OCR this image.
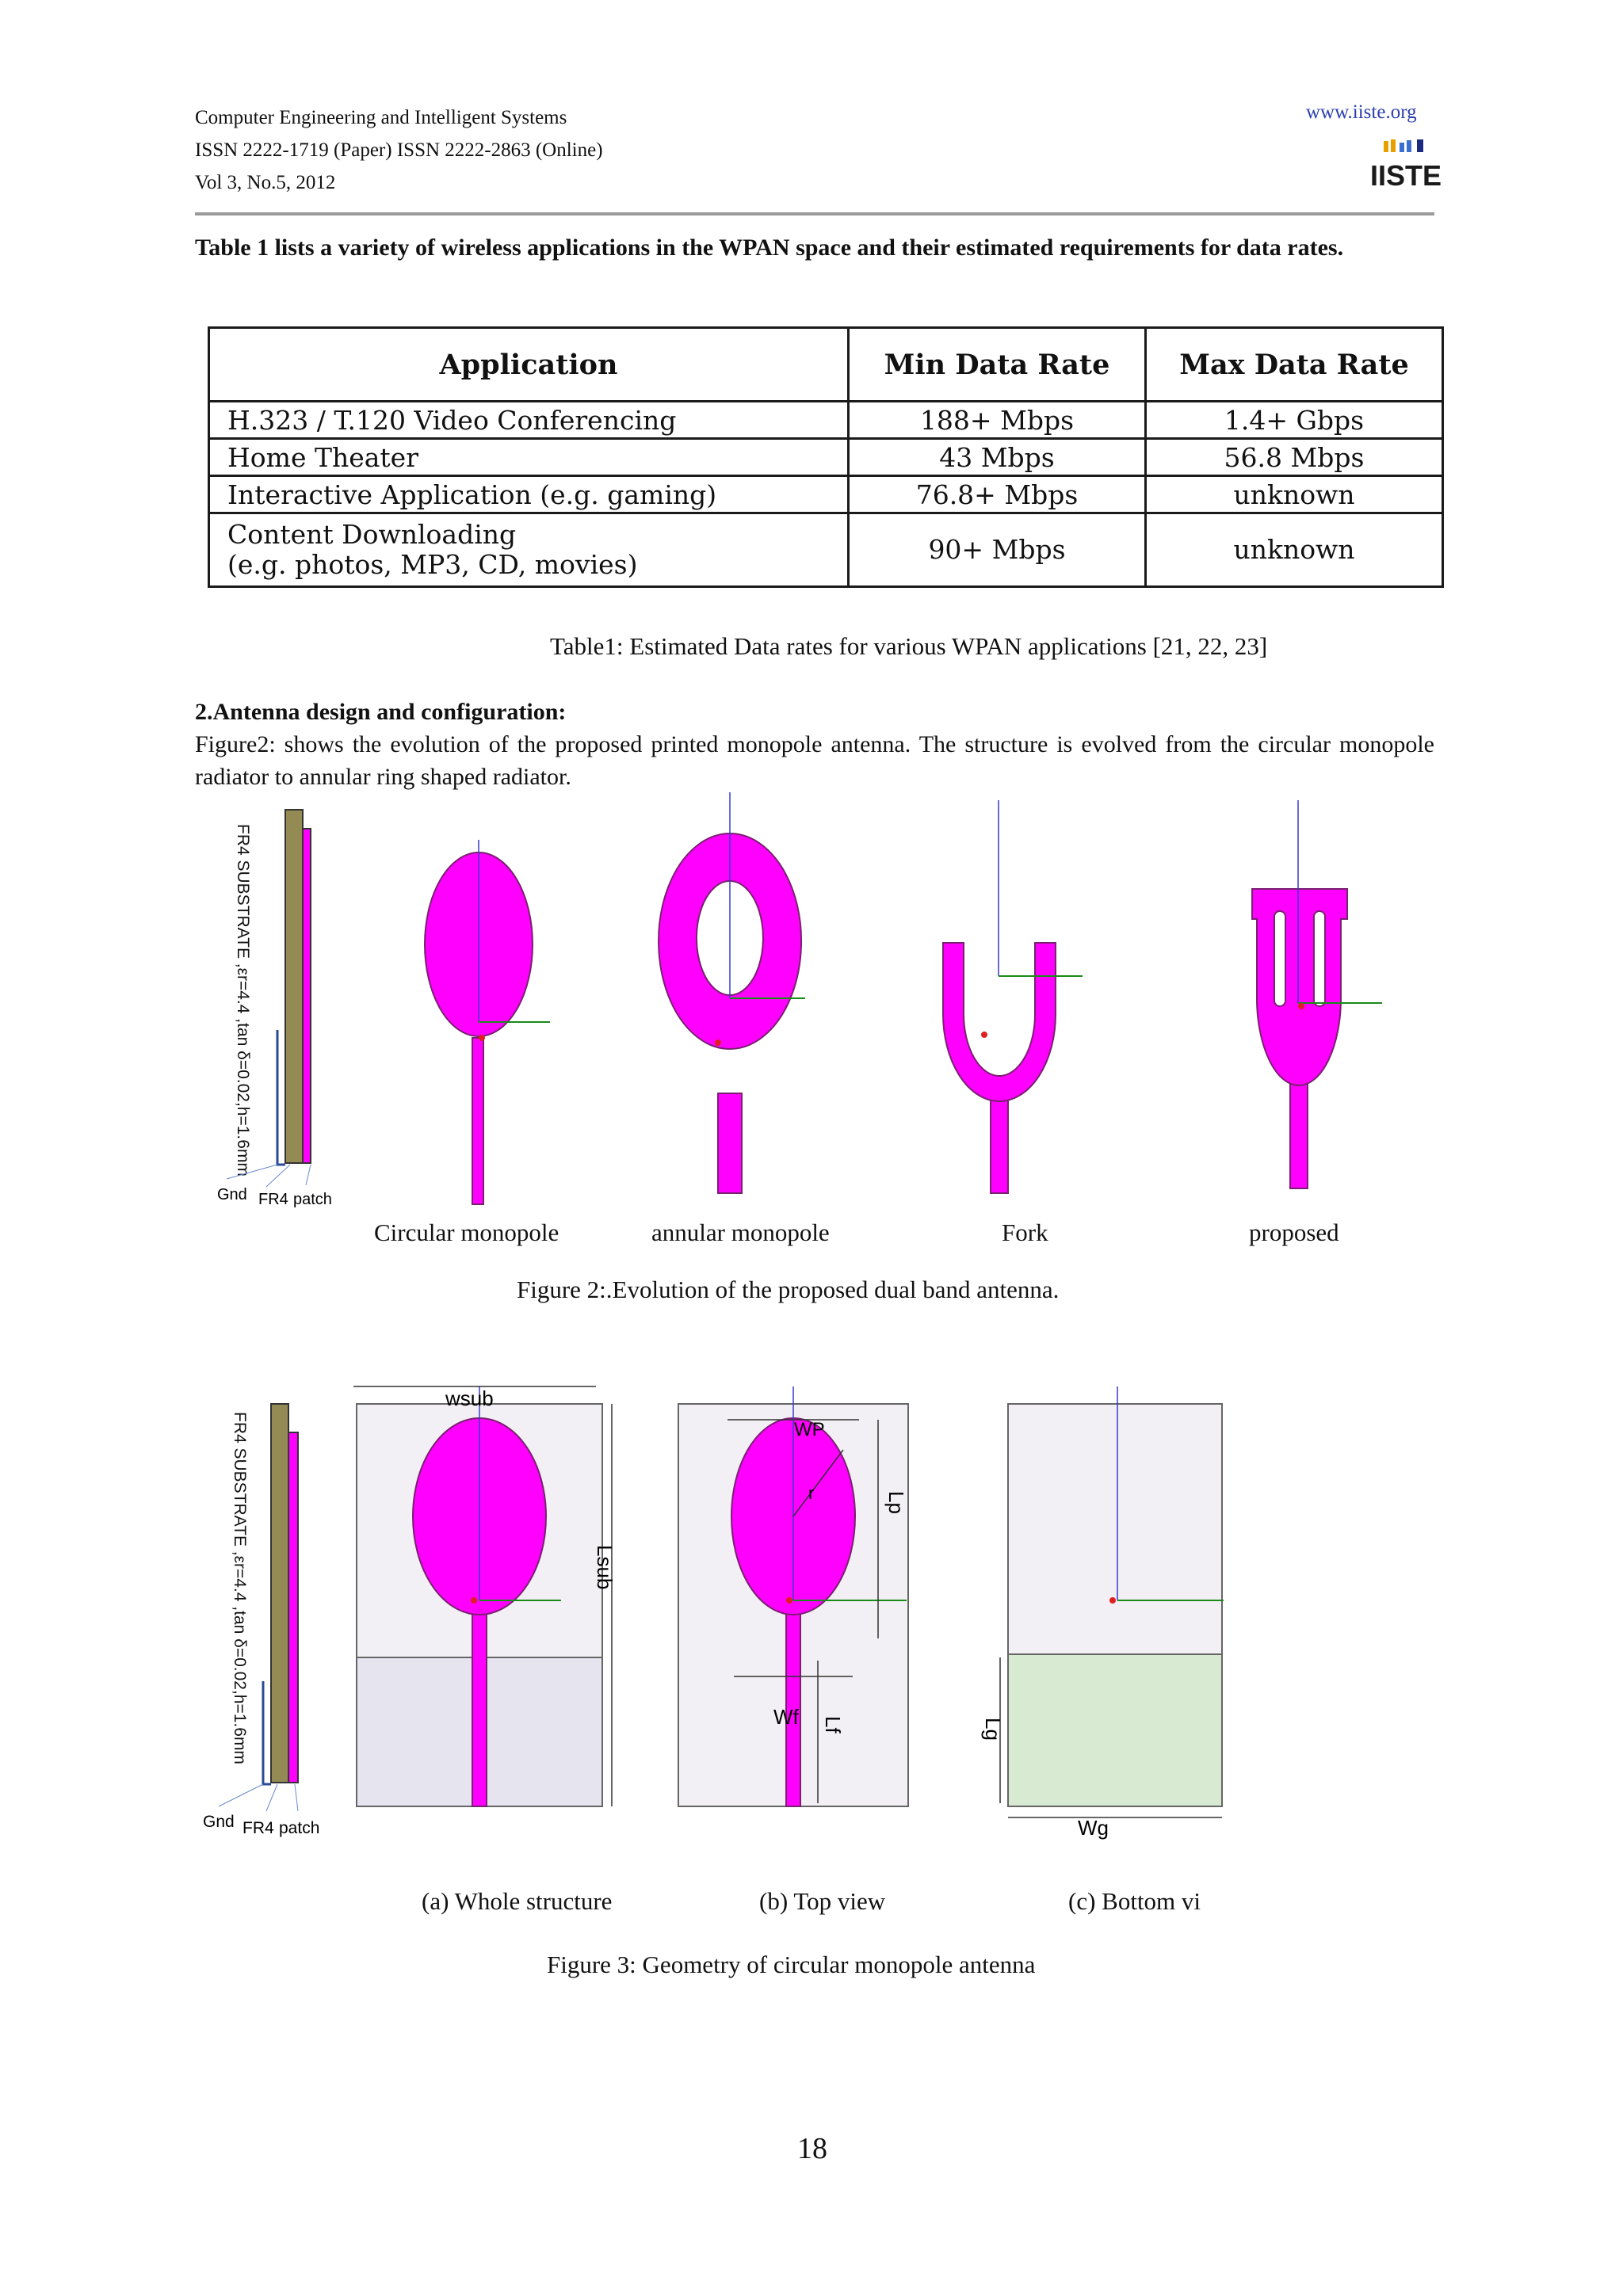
Computer Engineering and Intelligent Systems
ISSN 2222-1719 (Paper) ISSN 2222-2863 (Online)
Vol 3, No.5, 2012
www.iiste.org
IISTE
Table 1 lists a variety of wireless applications in the WPAN space and their estimated requirements for data rates.
Application	Min Data Rate	Max Data Rate
H.323 / T.120 Video Conferencing	188+ Mbps	1.4+ Gbps
Home Theater	43 Mbps	56.8 Mbps
Interactive Application (e.g. gaming)	76.8+ Mbps	unknown

Content Downloading
(e.g. photos, MP3, CD, movies)	90+ Mbps	unknown
Table1: Estimated Data rates for various WPAN applications [21, 22, 23]
2.Antenna design and configuration:
Figure2: shows the evolution of the proposed printed monopole antenna. The structure is evolved from the circular monopole radiator to annular ring shaped radiator.
FR4 SUBSTRATE ,εr=4.4 ,tan δ=0.02,h=1.6mm
Gnd FR4 patch
Circular monopole	annular monopole	Fork	proposed
Figure 2:.Evolution of the proposed dual band antenna.
FR4 SUBSTRATE ,εr=4.4 ,tan δ=0.02,h=1.6mm
Gnd FR4 patch
wsub
Lsub
WP
r	Lp
Wf Lf	Lg
Wg
(a) Whole structure	(b) Top view	(c) Bottom vi
Figure 3: Geometry of circular monopole antenna
18
